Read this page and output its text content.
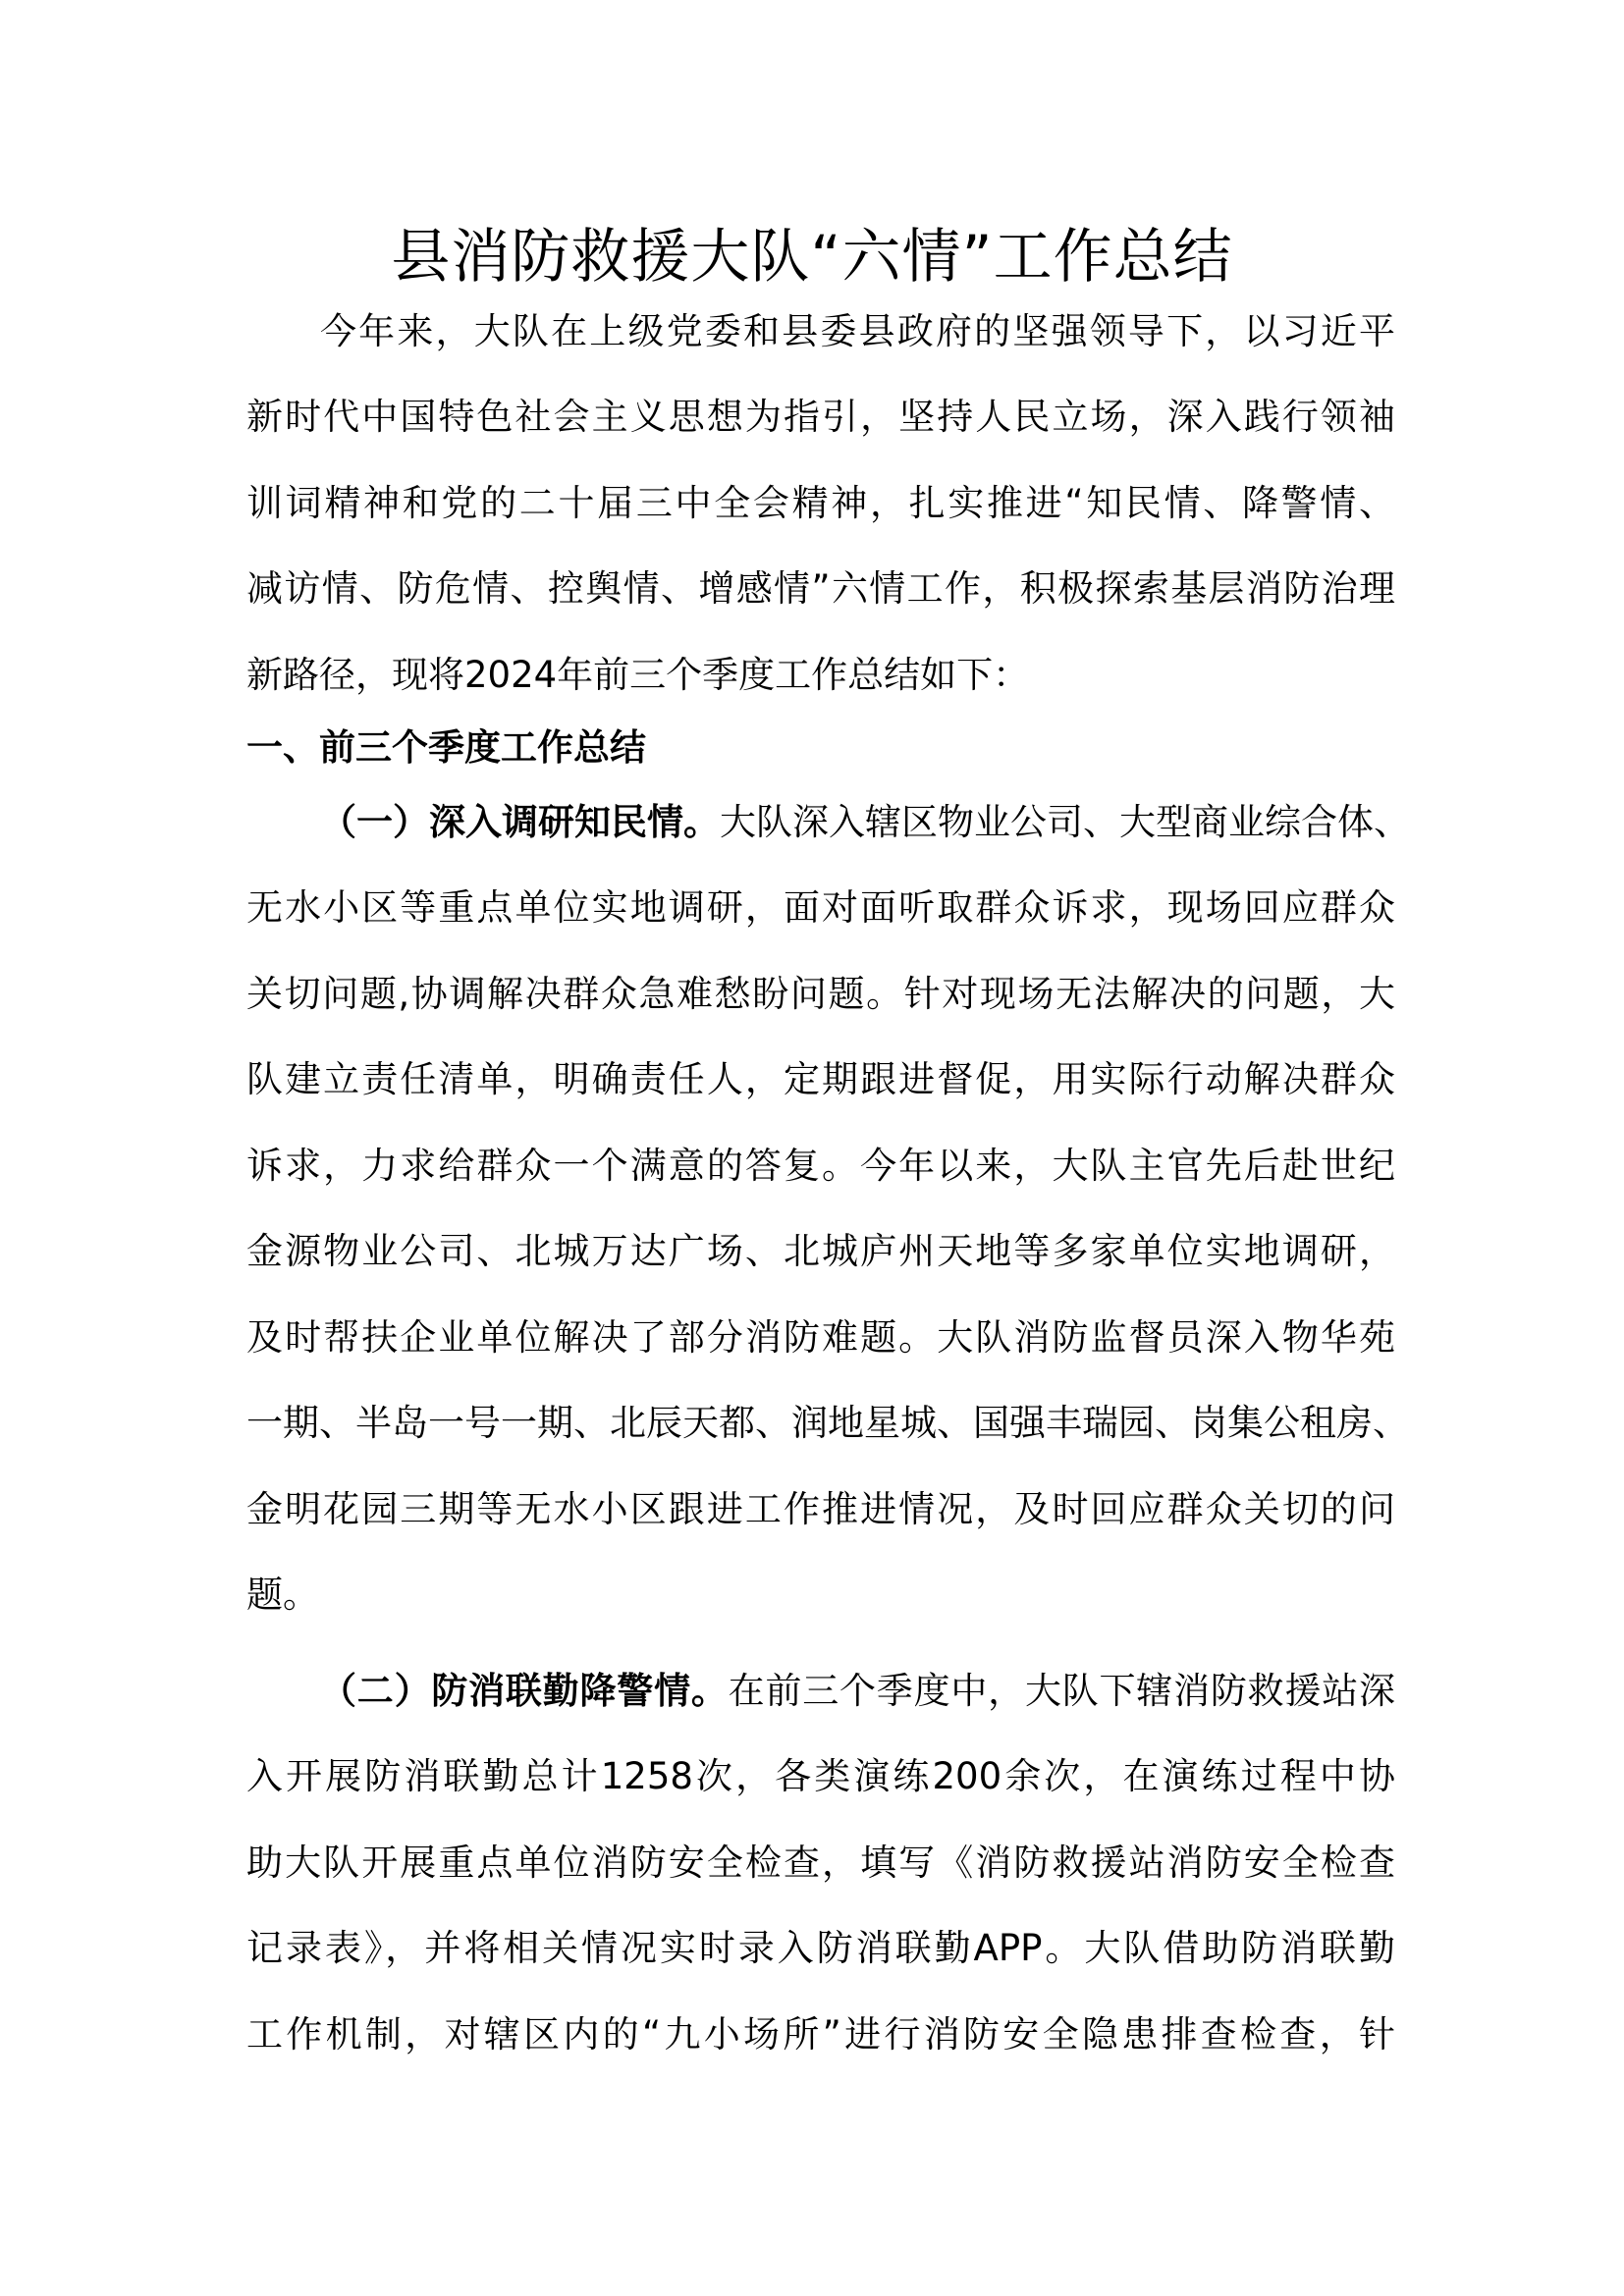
县消防救援大队“六情”工作总结
今年来，大队在上级党委和县委县政府的坚强领导下，以习近平
新时代中国特色社会主义思想为指引，坚持人民立场，深入践行领袖
训词精神和党的二十届三中全会精神，扎实推进“知民情、降警情、
减访情、防危情、控舆情、增感情”六情工作，积极探索基层消防治理
新路径，现将2024年前三个季度工作总结如下：
一、前三个季度工作总结
（一）深入调研知民情。大队深入辖区物业公司、大型商业综合体、
无水小区等重点单位实地调研，面对面听取群众诉求，现场回应群众
关切问题,协调解决群众急难愁盼问题。针对现场无法解决的问题，大
队建立责任清单，明确责任人，定期跟进督促，用实际行动解决群众
诉求，力求给群众一个满意的答复。今年以来，大队主官先后赴世纪
金源物业公司、北城万达广场、北城庐州天地等多家单位实地调研，
及时帮扶企业单位解决了部分消防难题。大队消防监督员深入物华苑
一期、半岛一号一期、北辰天都、润地星城、国强丰瑞园、岗集公租房、
金明花园三期等无水小区跟进工作推进情况，及时回应群众关切的问
题。
（二）防消联勤降警情。在前三个季度中，大队下辖消防救援站深
入开展防消联勤总计1258次，各类演练200余次，在演练过程中协
助大队开展重点单位消防安全检查，填写《消防救援站消防安全检查
记录表》，并将相关情况实时录入防消联勤APP。大队借助防消联勤
工作机制，对辖区内的“九小场所”进行消防安全隐患排查检查，针
